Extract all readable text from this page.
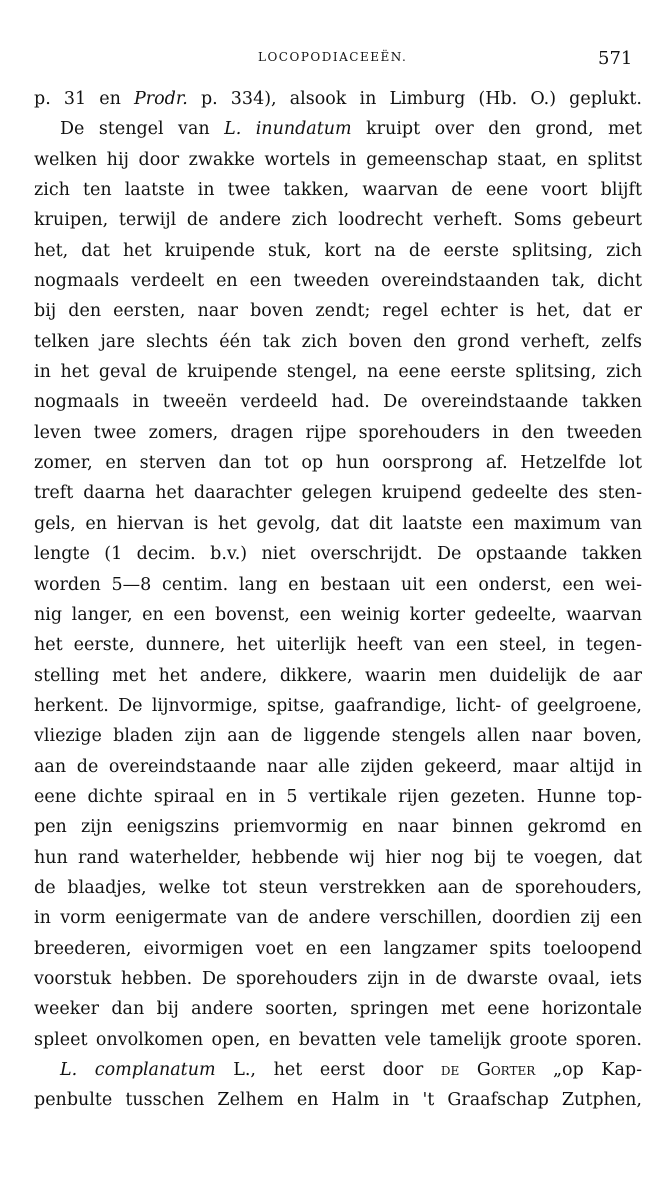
LOCOPODIACEEËN.	571
p. 31 en Prodr. p. 334), alsook in Limburg (Hb. O.) geplukt.
De stengel van L. inundatum kruipt over den grond, met
welken hij door zwakke wortels in gemeenschap staat, en splitst
zich ten laatste in twee takken, waarvan de eene voort blijft
kruipen, terwijl de andere zich loodrecht verheft. Soms gebeurt
het, dat het kruipende stuk, kort na de eerste splitsing, zich
nogmaals verdeelt en een tweeden overeindstaanden tak, dicht
bij den eersten, naar boven zendt; regel echter is het, dat er
telken jare slechts één tak zich boven den grond verheft, zelfs
in het geval de kruipende stengel, na eene eerste splitsing, zich
nogmaals in tweeën verdeeld had. De overeindstaande takken
leven twee zomers, dragen rijpe sporehouders in den tweeden
zomer, en sterven dan tot op hun oorsprong af. Hetzelfde lot
treft daarna het daarachter gelegen kruipend gedeelte des sten-
gels, en hiervan is het gevolg, dat dit laatste een maximum van
lengte (1 decim. b.v.) niet overschrijdt. De opstaande takken
worden 5—8 centim. lang en bestaan uit een onderst, een wei-
nig langer, en een bovenst, een weinig korter gedeelte, waarvan
het eerste, dunnere, het uiterlijk heeft van een steel, in tegen-
stelling met het andere, dikkere, waarin men duidelijk de aar
herkent. De lijnvormige, spitse, gaafrandige, licht- of geelgroene,
vliezige bladen zijn aan de liggende stengels allen naar boven,
aan de overeindstaande naar alle zijden gekeerd, maar altijd in
eene dichte spiraal en in 5 vertikale rijen gezeten. Hunne top-
pen zijn eenigszins priemvormig en naar binnen gekromd en
hun rand waterhelder, hebbende wij hier nog bij te voegen, dat
de blaadjes, welke tot steun verstrekken aan de sporehouders,
in vorm eenigermate van de andere verschillen, doordien zij een
breederen, eivormigen voet en een langzamer spits toeloopend
voorstuk hebben. De sporehouders zijn in de dwarste ovaal, iets
weeker dan bij andere soorten, springen met eene horizontale
spleet onvolkomen open, en bevatten vele tamelijk groote sporen.
L. complanatum L., het eerst door de Gorter „op Kap-
penbulte tusschen Zelhem en Halm in 't Graafschap Zutphen,
